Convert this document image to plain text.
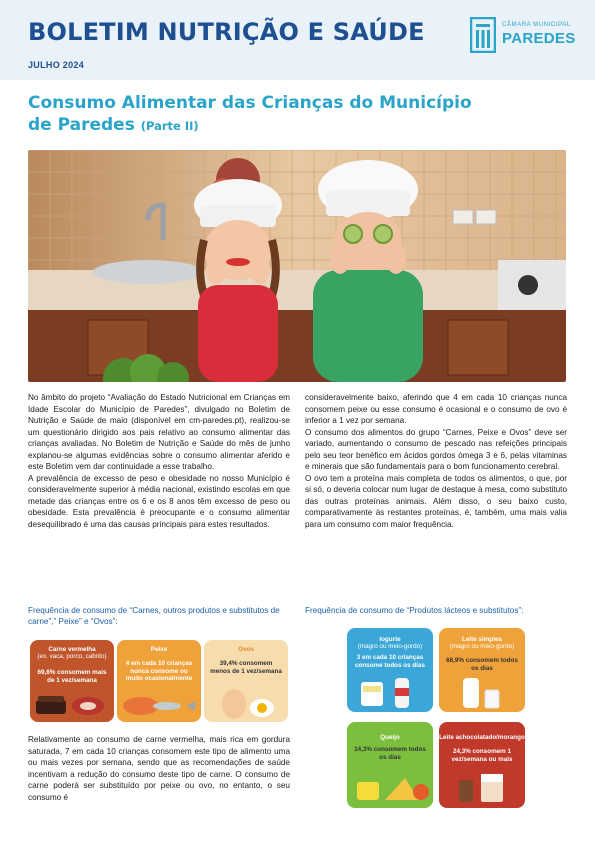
BOLETIM NUTRIÇÃO E SAÚDE
JULHO 2024
CÂMARA MUNICIPAL
PAREDES
Consumo Alimentar das Crianças do Município
de Paredes (Parte II)

No âmbito do projeto “Avaliação do Estado Nutricional em Crianças em Idade Escolar do Município de Paredes”, divulgado no Boletim de Nutrição e Saúde de maio (disponível em cm-paredes.pt), realizou-se um questionário dirigido aos pais relativo ao consumo alimentar das crianças avaliadas. No Boletim de Nutrição e Saúde do mês de junho explanou-se algumas evidências sobre o consumo alimentar aferido e este Boletim vem dar continuidade a esse trabalho.

A prevalência de excesso de peso e obesidade no nosso Município é consideravelmente superior à média nacional, existindo escolas em que metade das crianças entre os 6 e os 8 anos têm excesso de peso ou obesidade. Esta prevalência é preocupante e o consumo alimentar desequilibrado é uma das causas principais para estes resultados.

consideravelmente baixo, aferindo que 4 em cada 10 crianças nunca consomem peixe ou esse consumo é ocasional e o consumo de ovo é inferior a 1 vez por semana.

O consumo dos alimentos do grupo “Carnes, Peixe e Ovos” deve ser variado, aumentando o consumo de pescado nas refeições principais pelo seu teor benéfico em ácidos gordos ómega 3 e 6, pelas vitaminas e minerais que são fundamentais para o bom funcionamento cerebral.

O ovo tem a proteína mais completa de todos os alimentos, o que, por si só, o deveria colocar num lugar de destaque à mesa, como substituto das outras proteínas animais. Além disso, o seu baixo custo, comparativamente às restantes proteínas, é, também, uma mais valia para um consumo com maior frequência.

Frequência de consumo de “Carnes, outros produtos e substitutos de carne”,” Peixe” e “Ovos”:
Frequência de consumo de “Produtos lácteos e substitutos”:
Carne vermelha
(ex. vaca, porco, cabrito)
69,6% consomem mais de 1 vez/semana
Peixe
4 em cada 10 crianças nunca consome ou muito ocasionalmente
Ovos
39,4% consomem menos de 1 vez/semana
Iogurte
(magro ou meio-gordo)
3 em cada 10 crianças consome todos os dias
Leite simples
(magro ou meio-gordo)
68,9% consomem todos os dias
Queijo
14,3% consomem todos os dias
Leite achocolatado/morango
24,3% consomem 1 vez/semana ou mais

Relativamente ao consumo de carne vermelha, mais rica em gordura saturada, 7 em cada 10 crianças consomem este tipo de alimento uma ou mais vezes por semana, sendo que as recomendações de saúde incentivam a redução do consumo deste tipo de carne. O consumo de carne poderá ser substituído por peixe ou ovo, no entanto, o seu consumo é
